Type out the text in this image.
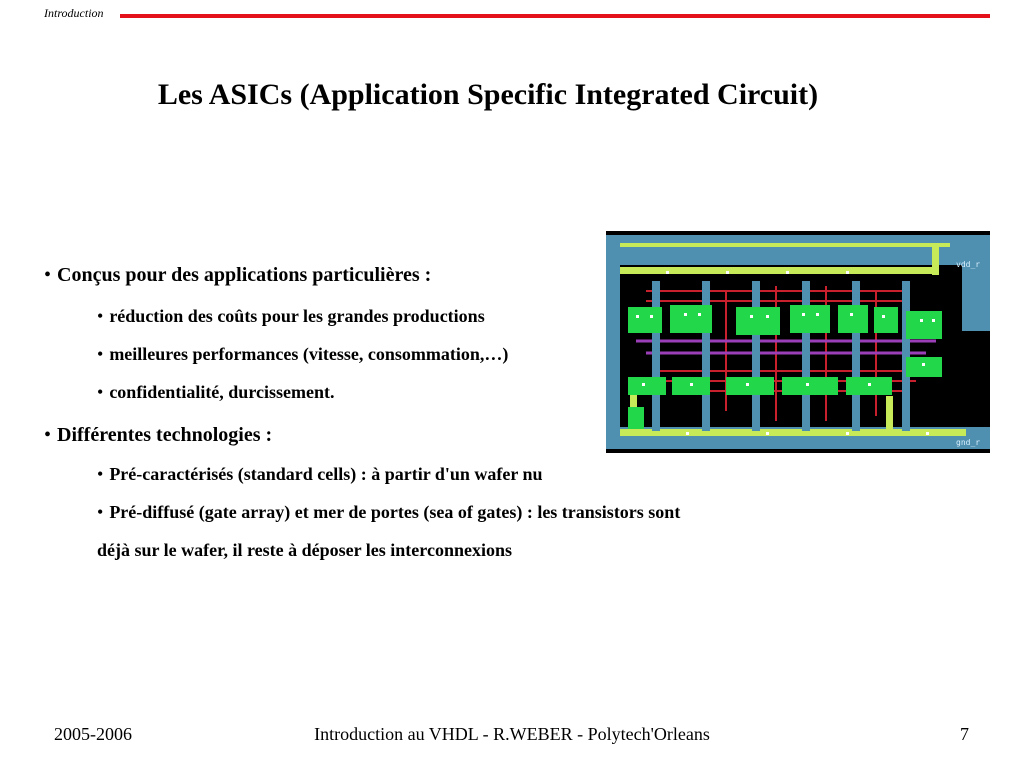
Introduction
Les ASICs (Application Specific Integrated Circuit)
• Conçus pour des applications particulières :
• réduction des coûts pour les grandes productions
• meilleures performances (vitesse, consommation,…)
• confidentialité, durcissement.
• Différentes technologies :
• Pré-caractérisés (standard cells) : à partir d'un wafer nu
• Pré-diffusé (gate array) et mer de portes (sea of gates) : les transistors sont
déjà sur le wafer, il reste à déposer les interconnexions
vdd_r
gnd_r
2005-2006	Introduction au VHDL - R.WEBER - Polytech'Orleans	7
